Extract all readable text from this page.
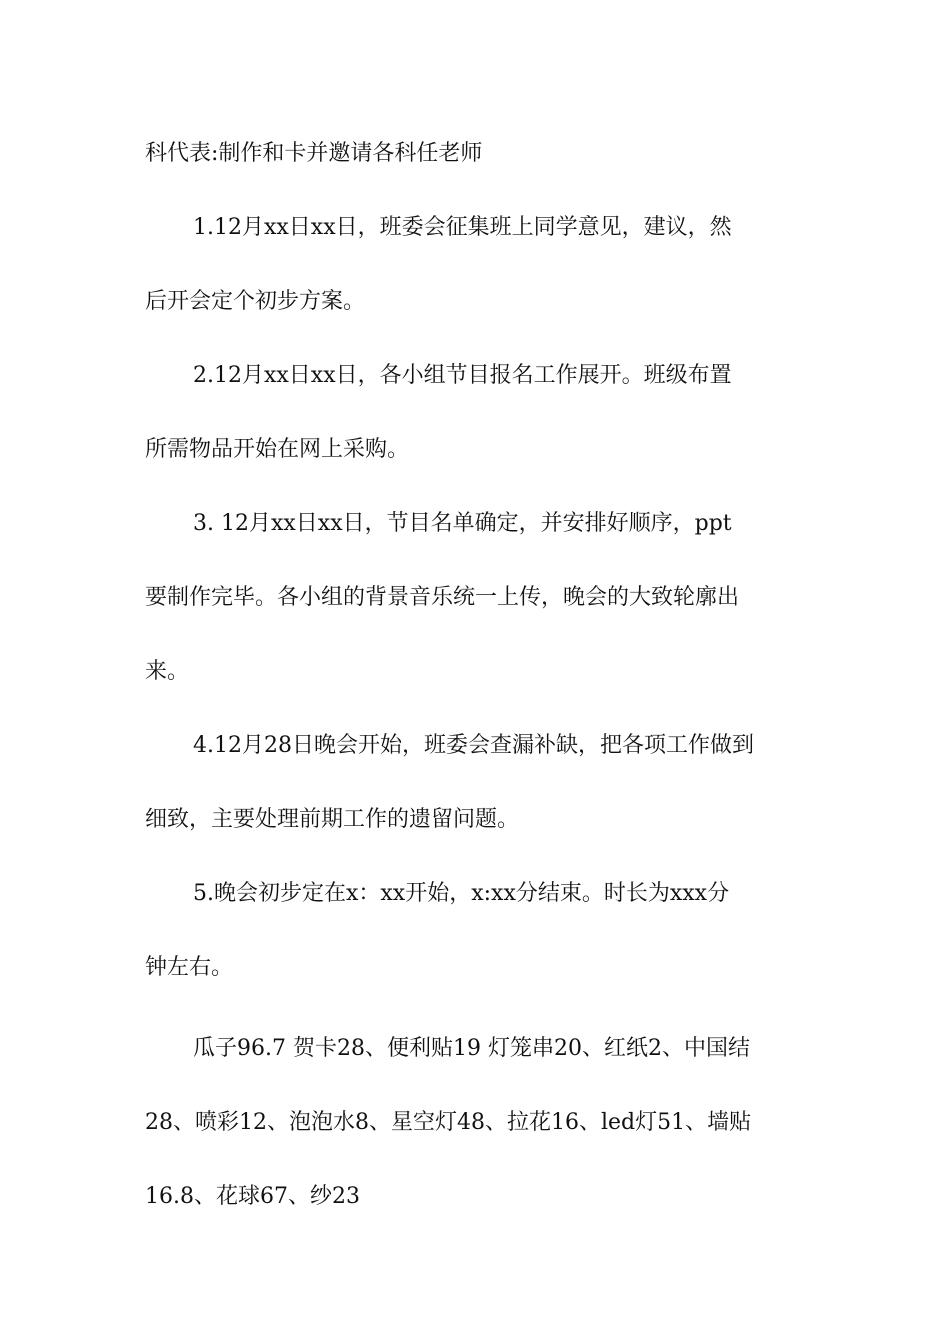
科代表:制作和卡并邀请各科任老师

1.12月xx日xx日，班委会征集班上同学意见，建议，然
后开会定个初步方案。

2.12月xx日xx日，各小组节目报名工作展开。班级布置
所需物品开始在网上采购。

3. 12月xx日xx日，节目名单确定，并安排好顺序，ppt
要制作完毕。各小组的背景音乐统一上传，晚会的大致轮廓出
来。

4.12月28日晚会开始，班委会查漏补缺，把各项工作做到
细致，主要处理前期工作的遗留问题。

5.晚会初步定在x：xx开始，x:xx分结束。时长为xxx分
钟左右。

瓜子96.7 贺卡28、便利贴19 灯笼串20、红纸2、中国结
28、喷彩12、泡泡水8、星空灯48、拉花16、led灯51、墙贴
16.8、花球67、纱23
